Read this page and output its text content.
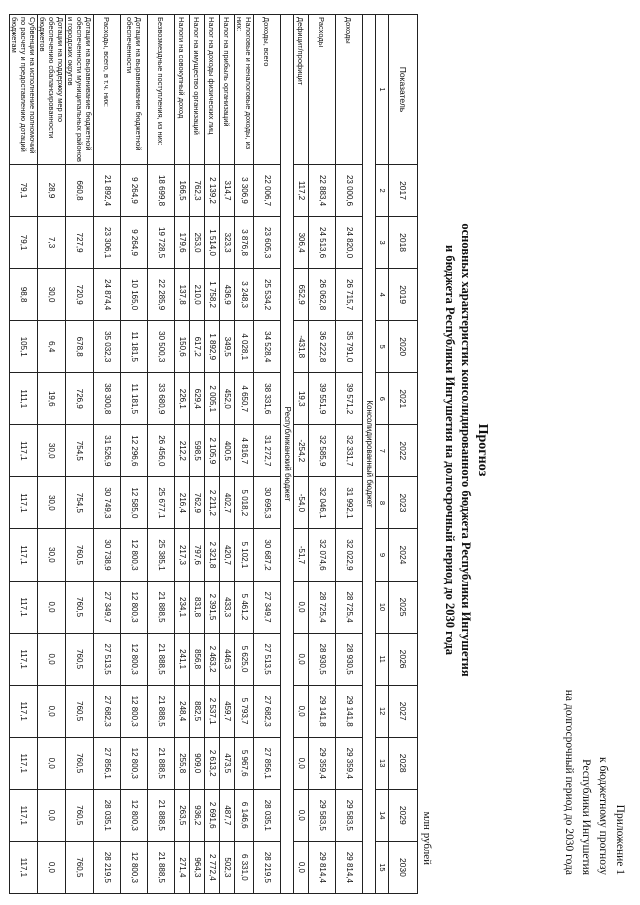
Приложение 1
к бюджетному прогнозу
Республики Ингушетия
на долгосрочный период до 2030 года
Прогноз
основных характеристик консолидированного бюджета Республики Ингушетия
и бюджета Республики Ингушетия на долгосрочный период до 2030 года
млн рублей
Показатель	2017	2018	2019	2020	2021	2022	2023	2024	2025	2026	2027	2028	2029	2030
1	2	3	4	5	6	7	8	9	10	11	12	13	14	15
Консолидированный бюджет														
Доходы	23 000,6	24 820,0	26 715,7	35 791,0	39 571,2	32 331,7	31 992,1	32 022,9	28 725,4	28 930,5	29 141,8	29 359,4	29 583,5	29 814,4
Расходы	22 883,4	24 513,6	26 062,8	36 222,8	39 551,9	32 585,9	32 046,1	32 074,6	28 725,4	28 930,5	29 141,8	29 359,4	29 583,5	29 814,4
Дефицит/профицит	117,2	306,4	652,9	-431,8	19,3	-254,2	-54,0	-51,7	0,0	0,0	0,0	0,0	0,0	0,0
Республиканский бюджет														
Доходы, всего	22 006,7	23 605,3	25 534,2	34 528,4	38 331,6	31 272,7	30 695,3	30 687,2	27 349,7	27 513,5	27 682,3	27 856,1	28 035,1	28 219,5
Налоговые и неналоговые доходы, из них:	3 306,9	3 876,8	3 248,3	4 028,1	4 650,7	4 816,7	5 018,2	5 102,1	5 461,2	5 625,0	5 793,7	5 967,6	6 146,6	6 331,0
Налог на прибыль организаций	314,7	323,3	436,9	349,5	452,0	400,5	402,7	420,7	433,3	446,3	459,7	473,5	487,7	502,3
Налог на доходы физических лиц	2 139,2	1 514,0	1 758,2	1 892,9	2 005,1	2 105,9	2 211,2	2 321,8	2 391,5	2 463,2	2 537,1	2 613,2	2 691,6	2 772,4
Налог на имущество организаций	762,3	253,0	210,0	617,2	629,4	598,5	762,9	797,6	831,8	856,8	882,5	909,0	936,2	964,3
Налоги на совокупный доход	166,5	179,6	137,8	150,6	226,1	212,2	216,4	217,3	234,1	241,1	248,4	255,8	263,5	271,4
Безвозмездные поступления, из них:	18 699,8	19 728,5	22 285,9	30 500,3	33 680,9	26 456,0	25 677,1	25 385,1	21 888,5	21 888,5	21 888,5	21 888,5	21 888,5	21 888,5
Дотации на выравнивание бюджетной обеспеченности	9 264,9	9 264,9	10 165,0	11 181,5	11 181,5	12 296,6	12 585,0	12 800,3	12 800,3	12 800,3	12 800,3	12 800,3	12 800,3	12 800,3
Расходы, всего, в т.ч. них:	21 892,4	23 306,1	24 874,4	35 032,3	38 300,8	31 526,9	30 749,3	30 738,9	27 349,7	27 513,5	27 682,3	27 856,1	28 035,1	28 219,5
Дотации на выравнивание бюджетной обеспеченности муниципальных районов и городских округов	660,8	727,9	720,9	678,8	726,9	754,5	754,5	760,5	760,5	760,5	760,5	760,5	760,5	760,5
Дотации на поддержку мер по обеспечению сбалансированности бюджетов	28,9	7,3	30,0	6,4	19,6	30,0	30,0	30,0	0,0	0,0	0,0	0,0	0,0	0,0
Субвенции на исполнение полномочий по расчету и предоставлению дотаций бюджетам	79,1	79,1	98,8	105,1	111,1	117,1	117,1	117,1	117,1	117,1	117,1	117,1	117,1	117,1
